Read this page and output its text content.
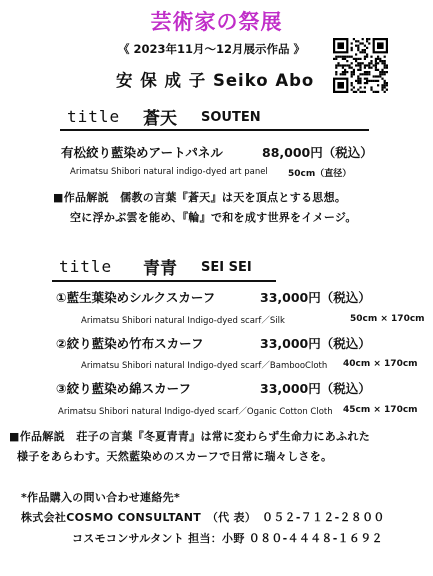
芸術家の祭展
《 2023年11月～12月展示作品 》
安 保 成 子 Seiko Abo
title 蒼天 SOUTEN
有松絞り藍染めアートパネル	88,000円（税込）
Arimatsu Shibori natural indigo-dyed art panel 50cm（直径）
■作品解説　儒教の言葉『蒼天』は天を頂点とする思想。
空に浮かぶ雲を能め、『輪』で和を成す世界をイメージ。
title 青青 SEI SEI
①藍生葉染めシルクスカーフ	33,000円（税込）
Arimatsu Shibori natural Indigo-dyed scarf／Silk	50cm × 170cm
②絞り藍染め竹布スカーフ	33,000円（税込）
Arimatsu Shibori natural Indigo-dyed scarf／BambooCloth 40cm × 170cm
③絞り藍染め綿スカーフ	33,000円（税込）
Arimatsu Shibori natural Indigo-dyed scarf／Oganic Cotton Cloth 45cm × 170cm
■作品解説　荘子の言葉『冬夏青青』は常に変わらず生命力にあふれた
様子をあらわす。天然藍染めのスカーフで日常に瑞々しさを。
*作品購入の問い合わせ連絡先*
株式会社COSMO CONSULTANT　（代 表）　０５２-７１２-２８００
コスモコンサルタント 担当：小野 ０８０-４４４８-１６９２
